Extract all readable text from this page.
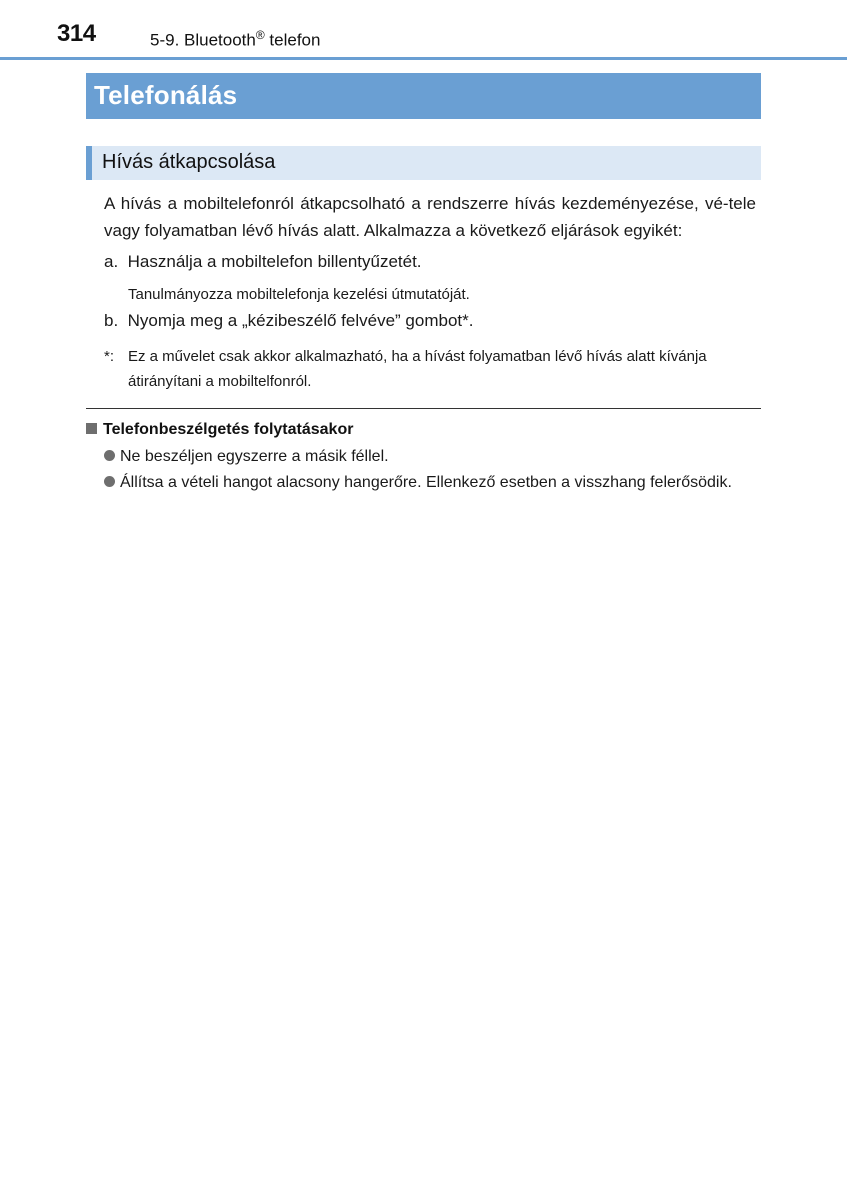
314	5-9. Bluetooth® telefon
Telefonálás
Hívás átkapcsolása
A hívás a mobiltelefonról átkapcsolható a rendszerre hívás kezdeményezése, vé-tele vagy folyamatban lévő hívás alatt. Alkalmazza a következő eljárások egyikét:
a. Használja a mobiltelefon billentyűzetét.
Tanulmányozza mobiltelefonja kezelési útmutatóját.
b. Nyomja meg a „kézibeszélő felvéve” gombot*.
*: Ez a művelet csak akkor alkalmazható, ha a hívást folyamatban lévő hívás alatt kívánja átirányítani a mobiltelfonról.
Telefonbeszélgetés folytatásakor
Ne beszéljen egyszerre a másik féllel.
Állítsa a vételi hangot alacsony hangerőre. Ellenkező esetben a visszhang felerősödik.
